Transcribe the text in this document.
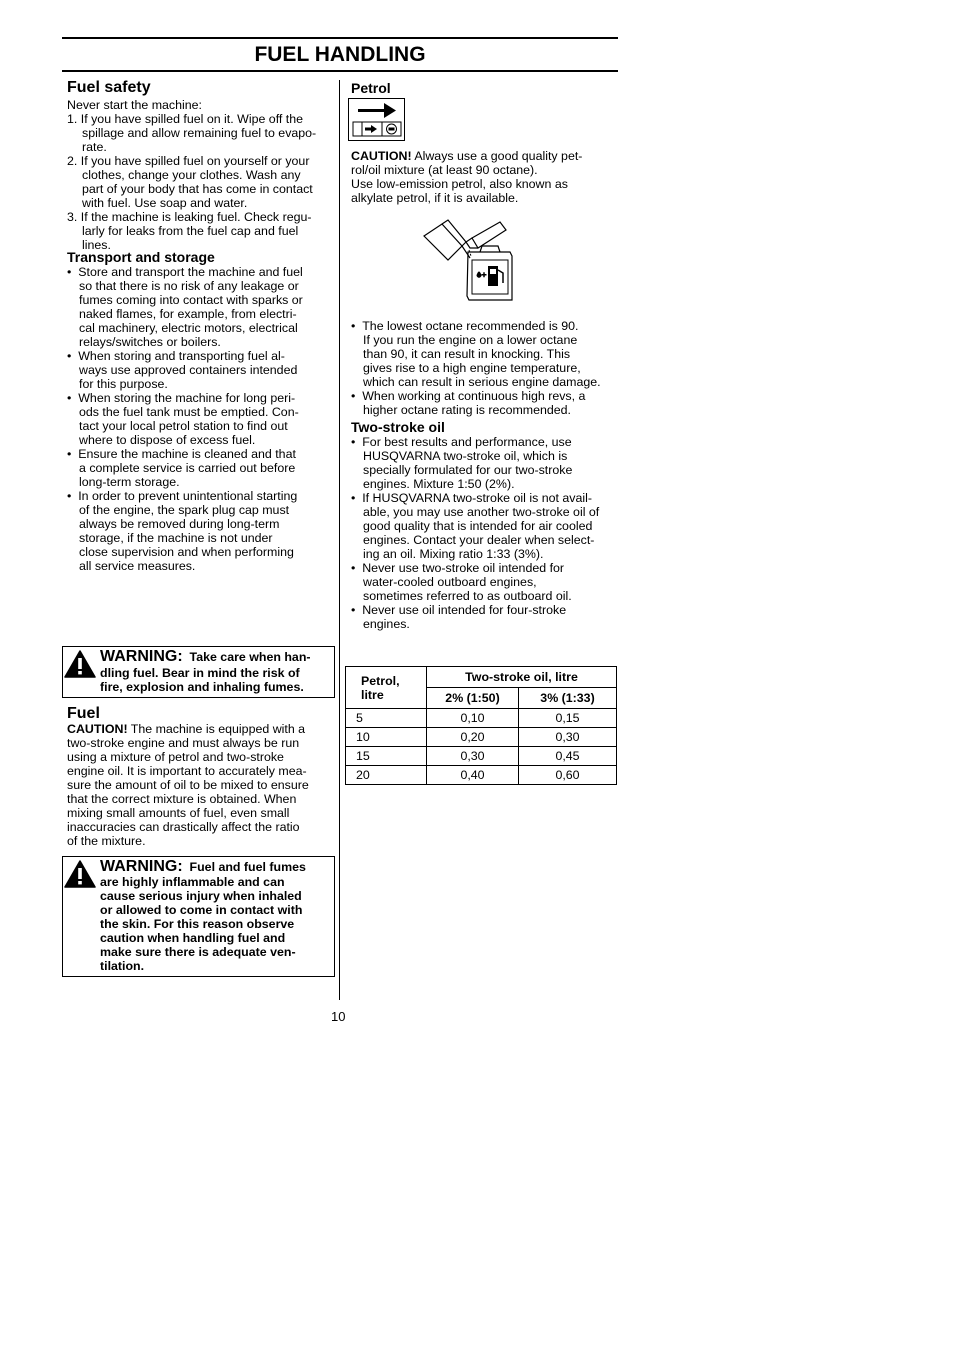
FUEL HANDLING
Fuel safety
Never start the machine:
1. If you have spilled fuel on it. Wipe off the
spillage and allow remaining fuel to evapo-
rate.
2. If you have spilled fuel on yourself or your
clothes, change your clothes. Wash any
part of your body that has come in contact
with fuel. Use soap and water.
3. If the machine is leaking fuel. Check regu-
larly for leaks from the fuel cap and fuel
lines.
Transport and storage
•  Store and transport the machine and fuel
so that there is no risk of any leakage or
fumes coming into contact with sparks or
naked flames, for example, from electri-
cal machinery, electric motors, electrical
relays/switches or boilers.
•  When storing and transporting fuel al-
ways use approved containers intended
for this purpose.
•  When storing the machine for long peri-
ods the fuel tank must be emptied. Con-
tact your local petrol station to find out
where to dispose of excess fuel.
•  Ensure the machine is cleaned and that
a complete service is carried out before
long‑term storage.
•  In order to prevent unintentional starting
of the engine, the spark plug cap must
always be removed during long‑term
storage, if the machine is not under
close supervision and when performing
all service measures.
WARNING: Take care when han-
dling fuel. Bear in mind the risk of
fire, explosion and inhaling fumes.
Fuel
CAUTION! The machine is equipped with a
two‑stroke engine and must always be run
using a mixture of petrol and two‑stroke
engine oil. It is important to accurately mea-
sure the amount of oil to be mixed to ensure
that the correct mixture is obtained. When
mixing small amounts of fuel, even small
inaccuracies can drastically affect the ratio
of the mixture.
WARNING: Fuel and fuel fumes
are highly inflammable and can
cause serious injury when inhaled
or allowed to come in contact with
the skin. For this reason observe
caution when handling fuel and
make sure there is adequate ven-
tilation.
Petrol
CAUTION! Always use a good quality pet-
rol/oil mixture (at least 90 octane).
Use low‑emission petrol, also known as
alkylate petrol, if it is available.
•  The lowest octane recommended is 90.
If you run the engine on a lower octane
than 90, it can result in knocking. This
gives rise to a high engine temperature,
which can result in serious engine damage.
•  When working at continuous high revs, a
higher octane rating is recommended.
Two‑stroke oil
•  For best results and performance, use
HUSQVARNA two‑stroke oil, which is
specially formulated for our two‑stroke
engines. Mixture 1:50 (2%).
•  If HUSQVARNA two‑stroke oil is not avail-
able, you may use another two‑stroke oil of
good quality that is intended for air cooled
engines. Contact your dealer when select-
ing an oil. Mixing ratio 1:33 (3%).
•  Never use two‑stroke oil intended for
water‑cooled outboard engines,
sometimes referred to as outboard oil.
•  Never use oil intended for four‑stroke
engines.
Petrol,
litre	Two‑stroke oil, litre	
	2% (1:50)	3% (1:33)
5	0,10	0,15
10	0,20	0,30
15	0,30	0,45
20	0,40	0,60
10
